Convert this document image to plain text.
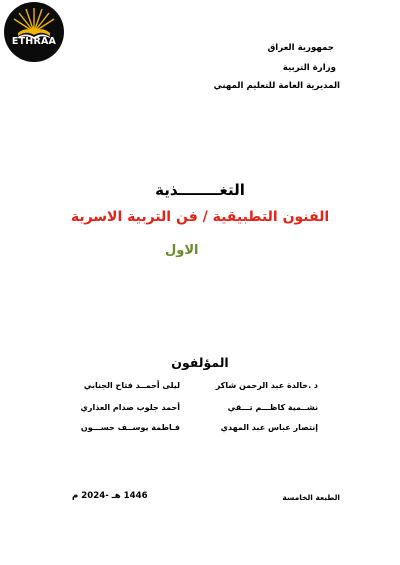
ETHRAA
جمهورية العراق
وزارة التربية
المديرية العامة للتعليم المهني
التغــــــــذية
الفنون التطبيقية / فن التربية الاسرية
الاول
المؤلفون
د .خالدة عبد الرحمن شاكر
ليلى أحمــد فتاح الجنابي
نشــمية كاظـــم تـــقي
أحمد جلوب صدام العذاري
إنتصار عباس عبد المهدي
فـاطمة يوســف حســـون
الطبعة الخامسة
1446 هـ -2024 م
